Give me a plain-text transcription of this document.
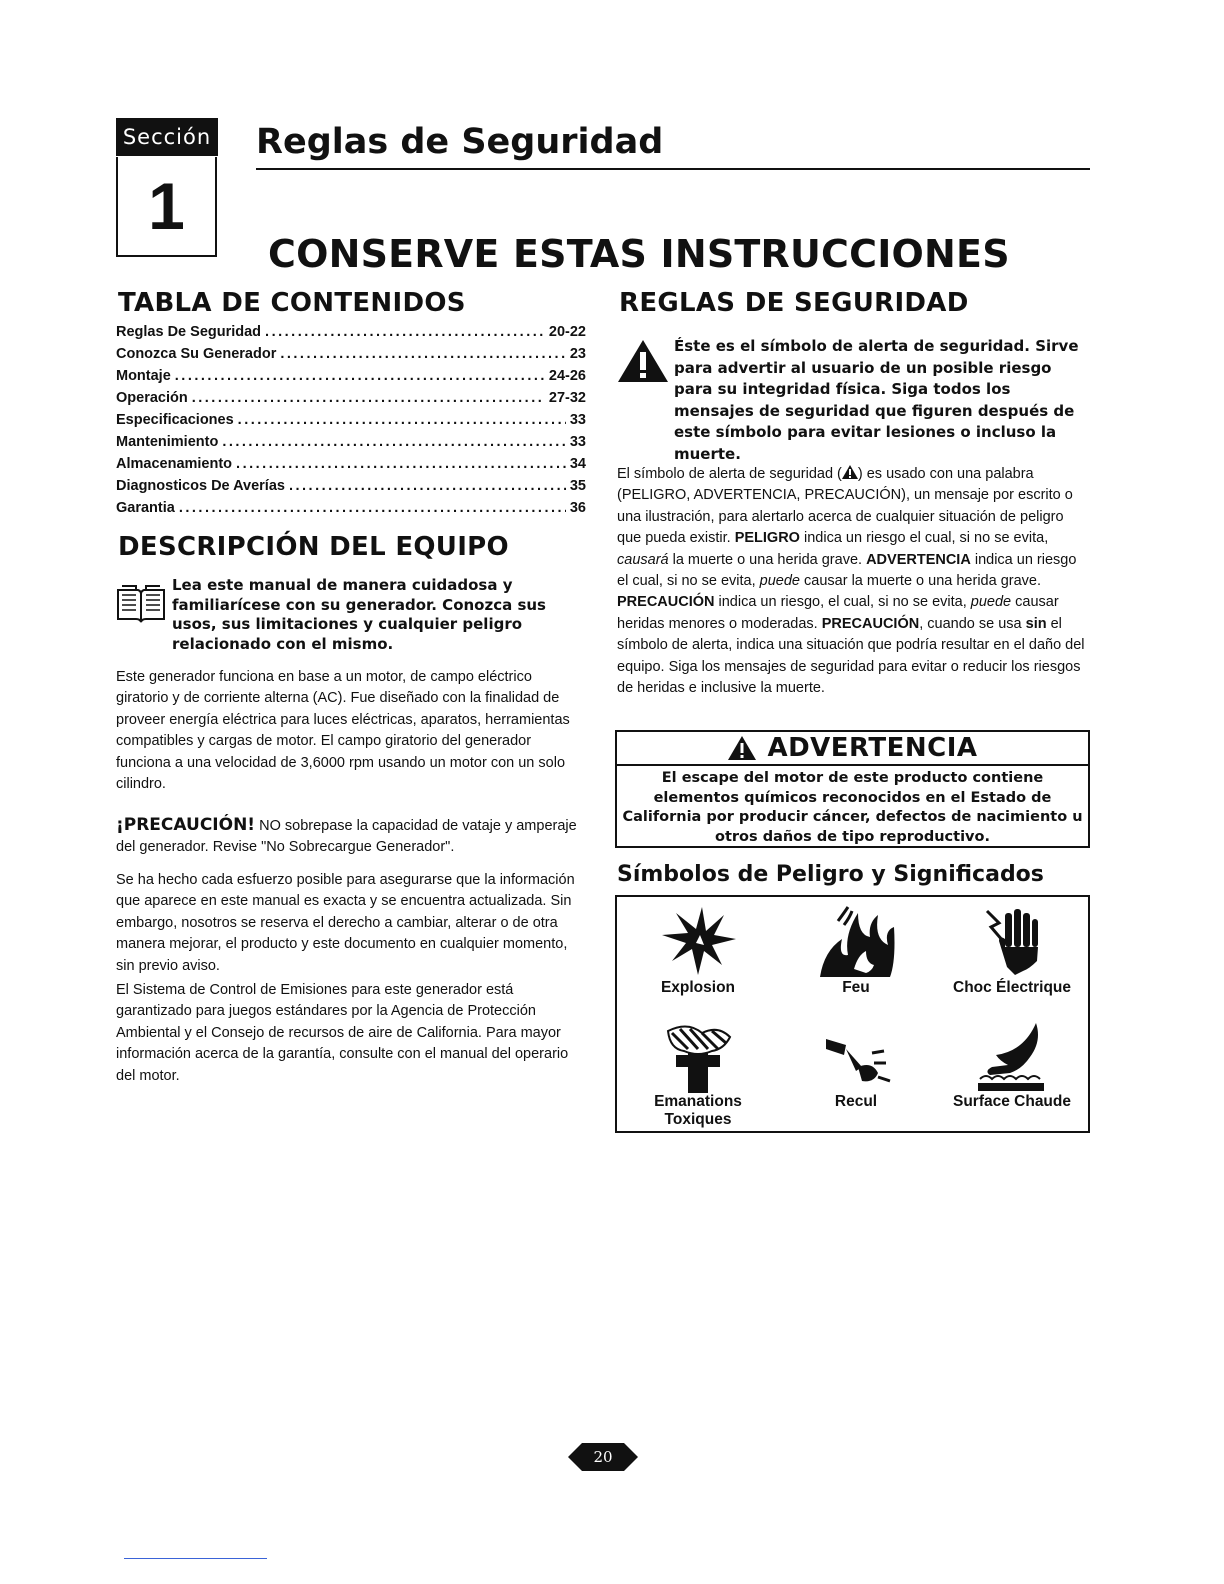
Sección
1
Reglas de Seguridad
CONSERVE ESTAS INSTRUCCIONES
TABLA DE CONTENIDOS
Reglas De Seguridad .....	20-22
Conozca Su Generador .....	23
Montaje .....	24-26
Operación .....	27-32
Especificaciones .....	33
Mantenimiento .....	33
Almacenamiento .....	34
Diagnosticos De Averías .....	35
Garantia .....	36
DESCRIPCIÓN DEL EQUIPO
Lea este manual de manera cuidadosa y familiarícese con su generador. Conozca sus usos, sus limitaciones y cualquier peligro relacionado con el mismo.
Este generador funciona en base a un motor, de campo eléctrico giratorio y de corriente alterna (AC). Fue diseñado con la finalidad de proveer energía eléctrica para luces eléctricas, aparatos, herramientas compatibles y cargas de motor. El campo giratorio del generador funciona a una velocidad de 3,6000 rpm usando un motor con un solo cilindro.
¡PRECAUCIÓN! NO sobrepase la capacidad de vataje y amperaje del generador. Revise "No Sobrecargue Generador".
Se ha hecho cada esfuerzo posible para asegurarse que la información que aparece en este manual es exacta y se encuentra actualizada. Sin embargo, nosotros se reserva el derecho a cambiar, alterar o de otra manera mejorar, el producto y este documento en cualquier momento, sin previo aviso.
El Sistema de Control de Emisiones para este generador está garantizado para juegos estándares por la Agencia de Protección Ambiental y el Consejo de recursos de aire de California. Para mayor información acerca de la garantía, consulte con el manual del operario del motor.
REGLAS DE SEGURIDAD
Éste es el símbolo de alerta de seguridad. Sirve para advertir al usuario de un posible riesgo para su integridad física. Siga todos los mensajes de seguridad que figuren después de este símbolo para evitar lesiones o incluso la muerte.
El símbolo de alerta de seguridad ( ) es usado con una palabra (PELIGRO, ADVERTENCIA, PRECAUCIÓN), un mensaje por escrito o una ilustración, para alertarlo acerca de cualquier situación de peligro que pueda existir. PELIGRO indica un riesgo el cual, si no se evita, causará la muerte o una herida grave. ADVERTENCIA indica un riesgo el cual, si no se evita, puede causar la muerte o una herida grave. PRECAUCIÓN indica un riesgo, el cual, si no se evita, puede causar heridas menores o moderadas. PRECAUCIÓN, cuando se usa sin el símbolo de alerta, indica una situación que podría resultar en el daño del equipo. Siga los mensajes de seguridad para evitar o reducir los riesgos de heridas e inclusive la muerte.
ADVERTENCIA
El escape del motor de este producto contiene elementos químicos reconocidos en el Estado de California por producir cáncer, defectos de nacimiento u otros daños de tipo reproductivo.
Símbolos de Peligro y Significados
Explosion	Feu	Choc Électrique
Emanations Toxiques
Recul	Surface Chaude
20
